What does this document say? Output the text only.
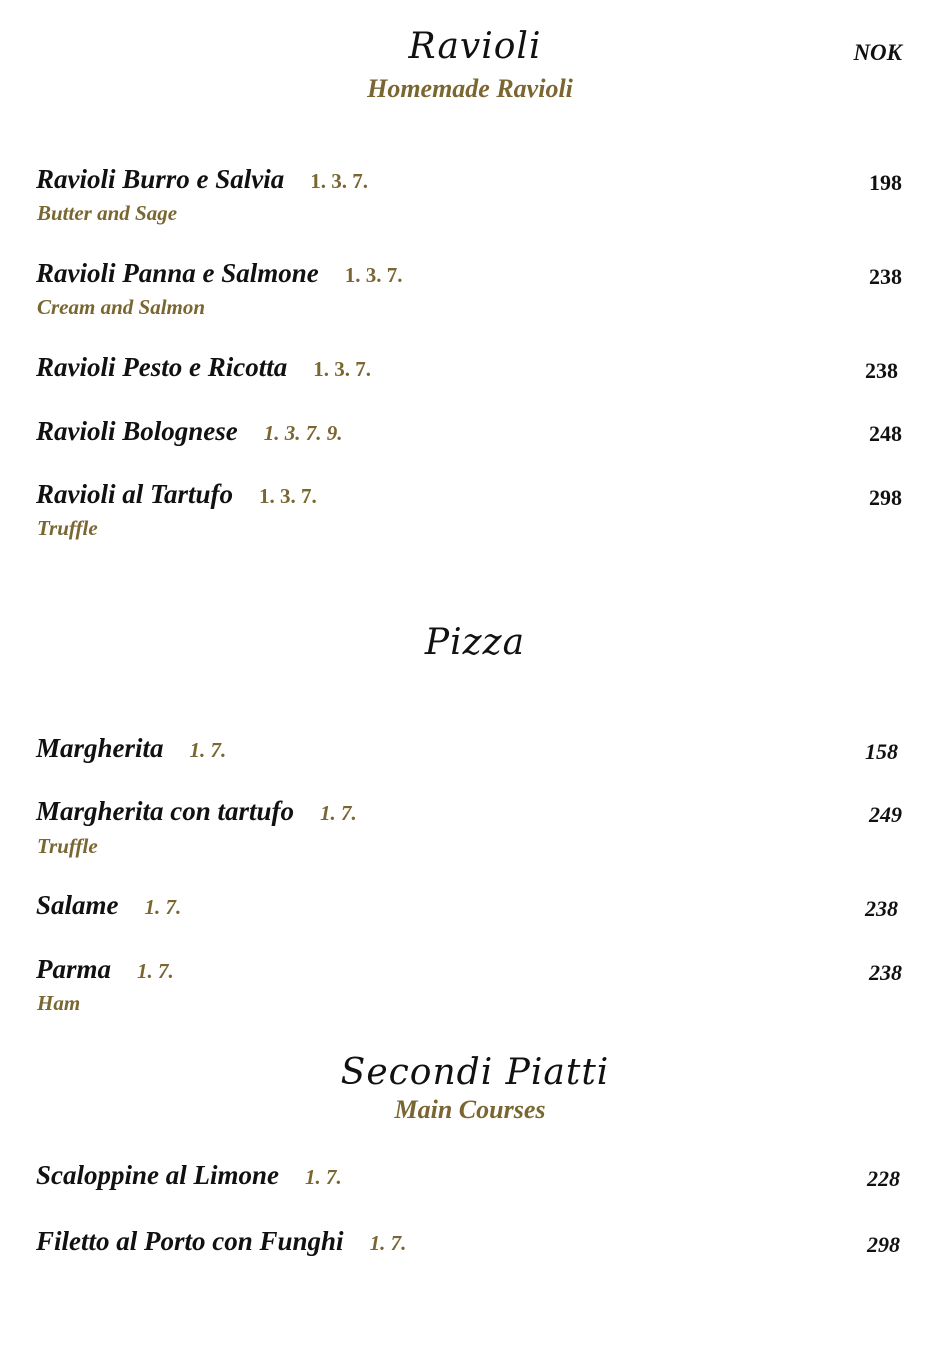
Ravioli	NOK
Homemade Ravioli
Ravioli Burro e Salvia 1. 3. 7.	198
Butter and Sage
Ravioli Panna e Salmone 1. 3. 7.	238
Cream and Salmon
Ravioli Pesto e Ricotta 1. 3. 7.	238
Ravioli Bolognese 1. 3. 7. 9.	248
Ravioli al Tartufo 1. 3. 7.	298
Truffle
Pizza
Margherita 1. 7.	158
Margherita con tartufo 1. 7.	249
Truffle
Salame 1. 7.	238
Parma 1. 7.	238
Ham
Secondi Piatti
Main Courses
Scaloppine al Limone 1. 7.	228
Filetto al Porto con Funghi 1. 7.	298
